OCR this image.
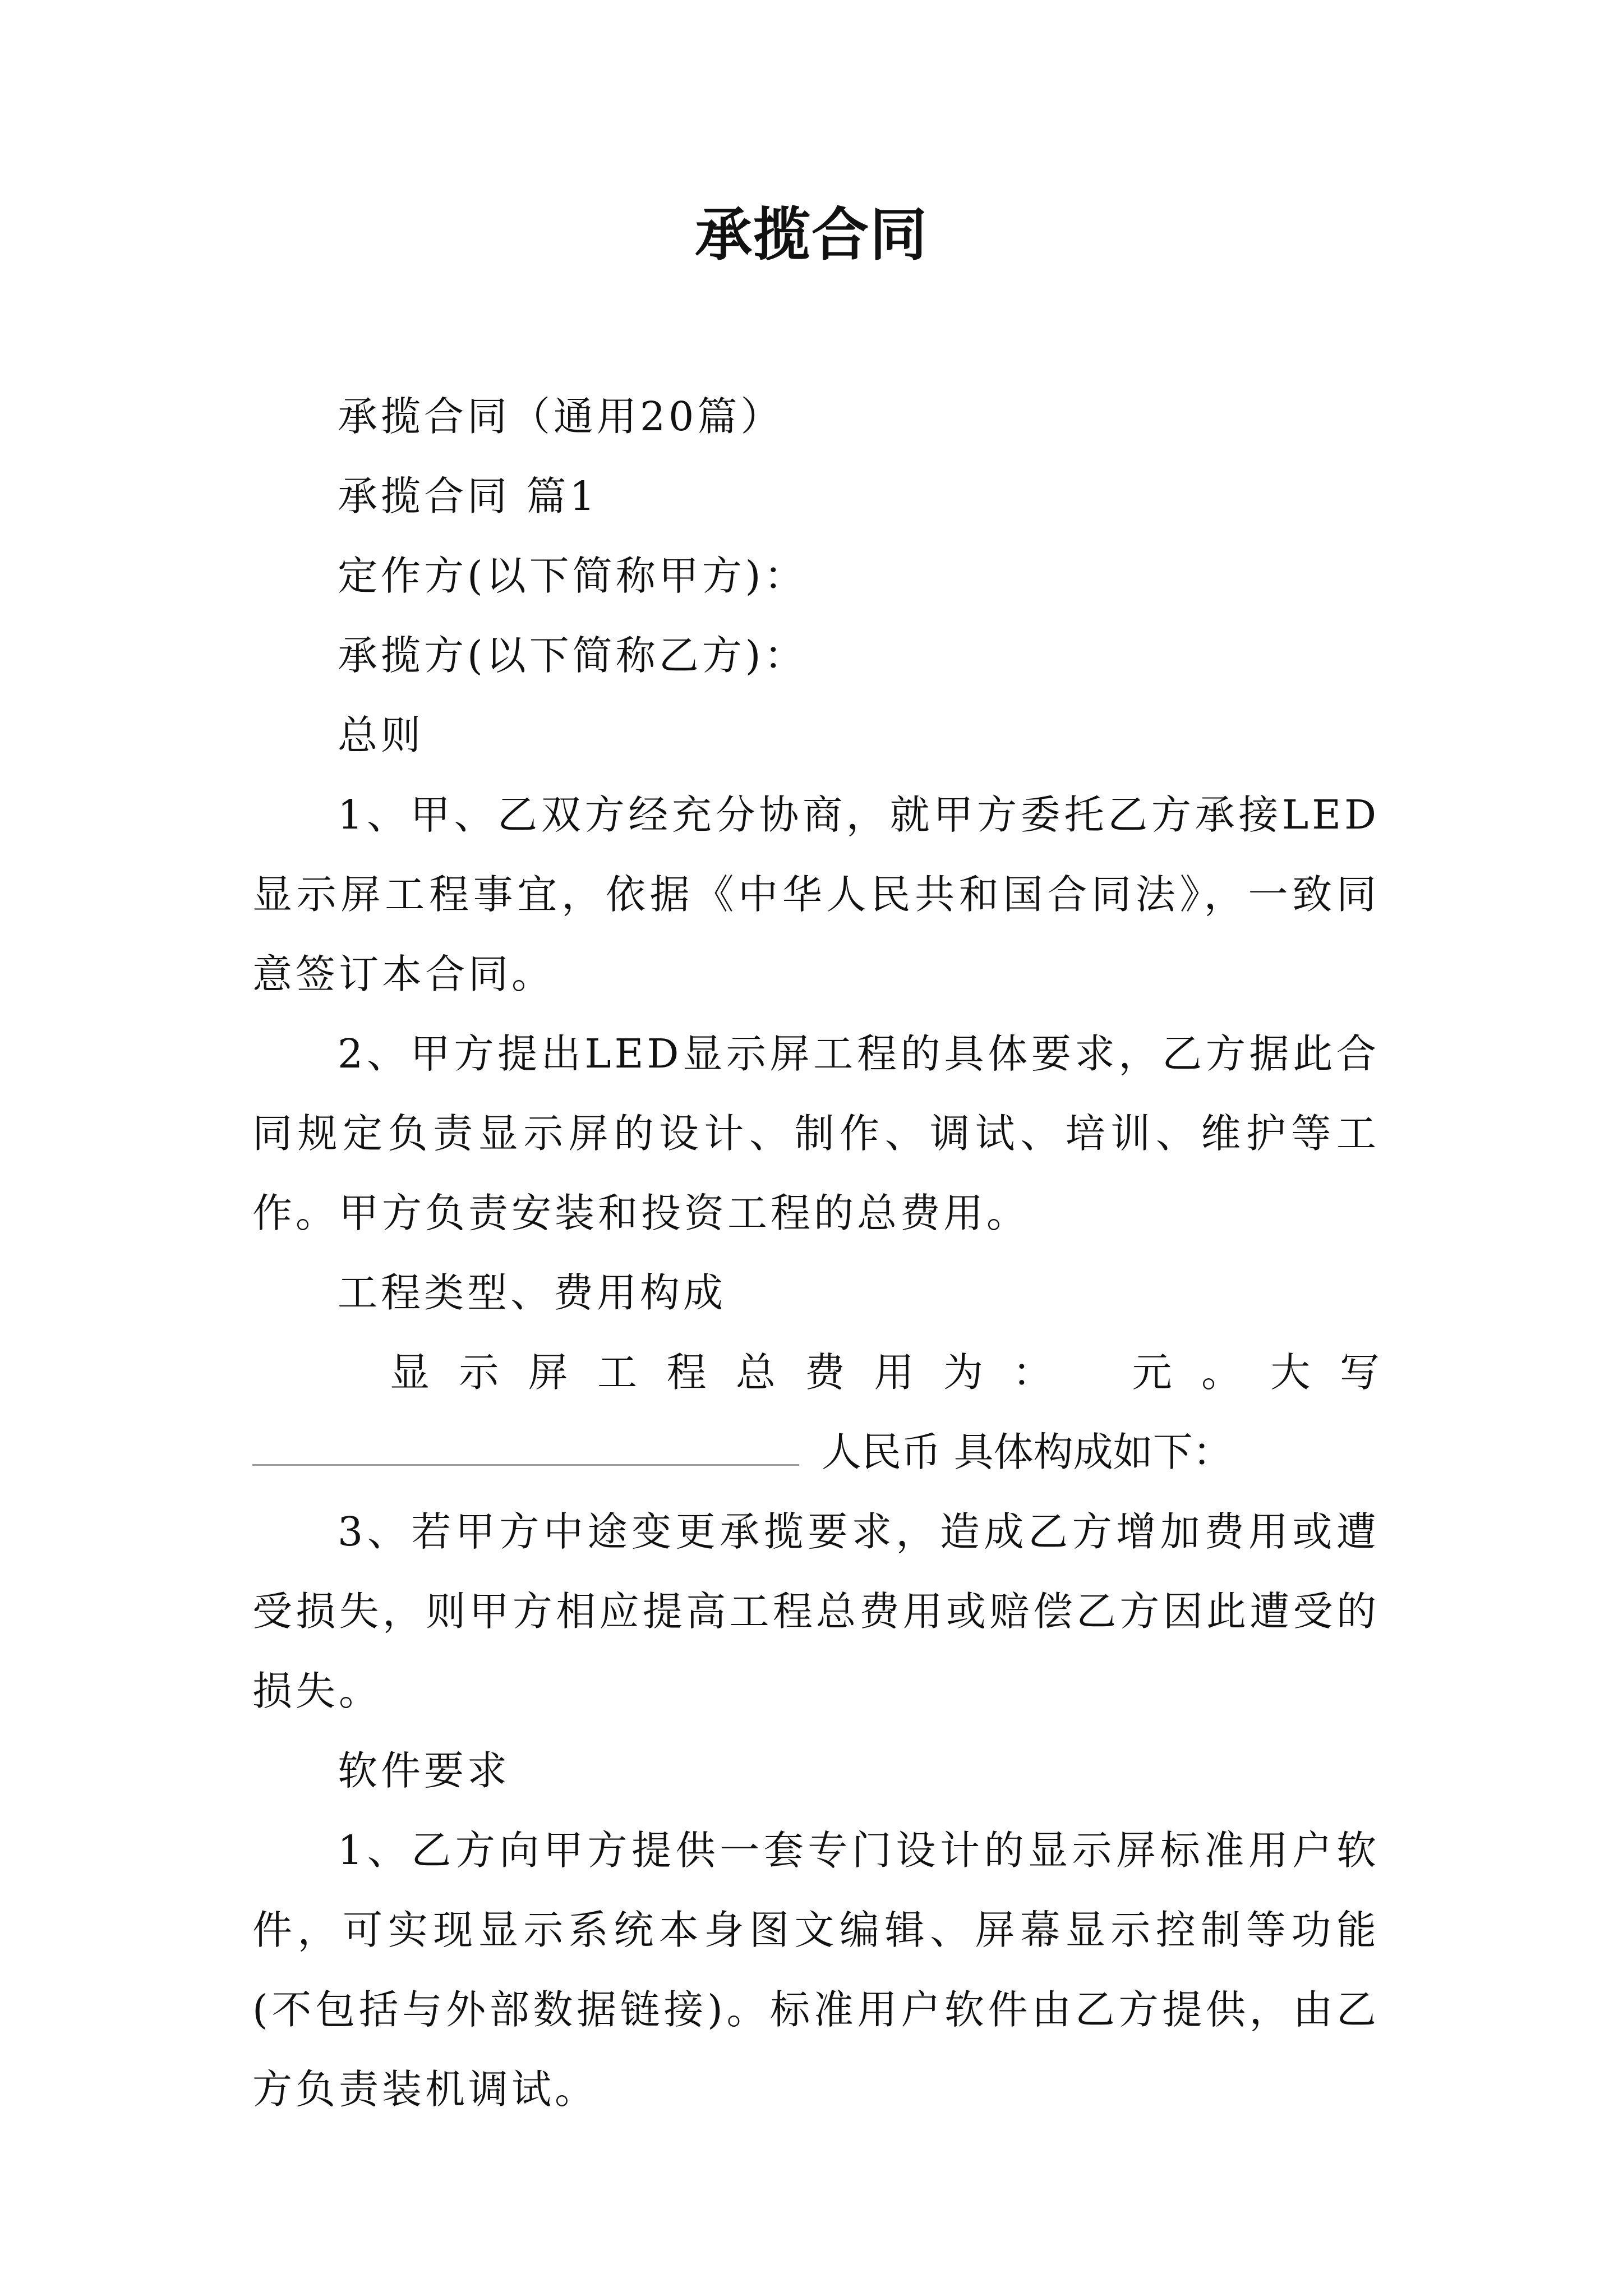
承揽合同

承揽合同（通用20篇）

承揽合同 篇1

定作方(以下简称甲方)：

承揽方(以下简称乙方)：

总则

1、甲、乙双方经充分协商，就甲方委托乙方承接LED显示屏工程事宜，依据《中华人民共和国合同法》，一致同意签订本合同。

2、甲方提出LED显示屏工程的具体要求，乙方据此合同规定负责显示屏的设计、制作、调试、培训、维护等工作。甲方负责安装和投资工程的总费用。

工程类型、费用构成

显 示 屏 工 程 总 费 用 为 ： 元 。 大 写

人民币 具体构成如下：

3、若甲方中途变更承揽要求，造成乙方增加费用或遭受损失，则甲方相应提高工程总费用或赔偿乙方因此遭受的损失。

软件要求

1、乙方向甲方提供一套专门设计的显示屏标准用户软件，可实现显示系统本身图文编辑、屏幕显示控制等功能(不包括与外部数据链接)。标准用户软件由乙方提供，由乙方负责装机调试。
